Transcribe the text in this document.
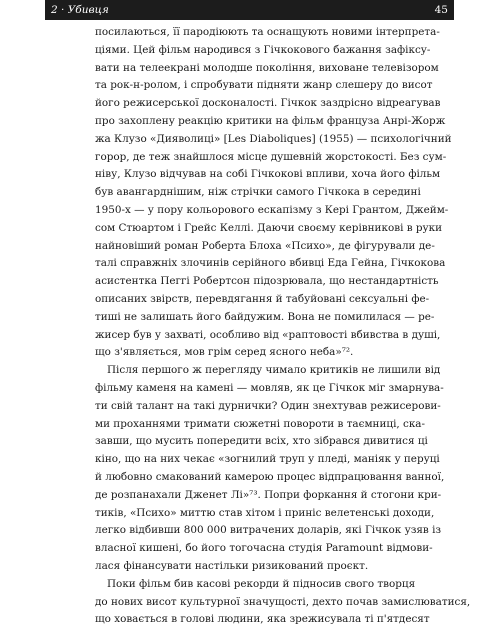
2 · Убивця	45
посилаються, її пародіюють та оснащують новими інтерпрета-
ціями. Цей фільм народився з Гічкокового бажання зафіксу-
вати на телеекрані молодше покоління, виховане телевізором
та рок-н-ролом, і спробувати підняти жанр слешеру до висот
його режисерської досконалості. Гічкок заздрісно відреагував
про захоплену реакцію критики на фільм француза Анрі-Жорж
жа Клузо «Дияволиці» [Les Diaboliques] (1955) — психологічний
горор, де теж знайшлося місце душевній жорстокості. Без сум-
ніву, Клузо відчував на собі Гічкокові впливи, хоча його фільм
був авангарднішим, ніж стрічки самого Гічкока в середині
1950-х — у пору кольорового ескапізму з Кері Грантом, Джейм-
сом Стюартом і Грейс Келлі. Даючи своєму керівникові в руки
найновіший роман Роберта Блоха «Психо», де фігурували де-
талі справжніх злочинів серійного вбивці Еда Гейна, Гічкокова
асистентка Пеггі Робертсон підозрювала, що нестандартність
описаних звірств, перевдягання й табуйовані сексуальні фе-
тиші не залишать його байдужим. Вона не помилилася — ре-
жисер був у захваті, особливо від «раптовості вбивства в душі,
що з'являється, мов грім серед ясного неба»⁷².
Після першого ж перегляду чимало критиків не лишили від
фільму каменя на камені — мовляв, як це Гічкок міг змарнува-
ти свій талант на такі дурнички? Один знехтував режисерови-
ми проханнями тримати сюжетні повороти в таємниці, ска-
завши, що мусить попередити всіх, хто зібрався дивитися ці
кіно, що на них чекає «зогнилий труп у пледі, маніяк у перуці
й любовно смакований камерою процес відпрацювання ванної,
де розпанахали Дженет Лі»⁷³. Попри форкання й стогони кри-
тиків, «Психо» миттю став хітом і приніс велетенські доходи,
легко відбивши 800 000 витрачених доларів, які Гічкок узяв із
власної кишені, бо його тогочасна студія Paramount відмови-
лася фінансувати настільки ризикований проєкт.
Поки фільм бив касові рекорди й підносив свого творця
до нових висот культурної значущості, дехто почав замислюватися,
що ховається в голові людини, яка зрежисувала ті п'ятдесят
